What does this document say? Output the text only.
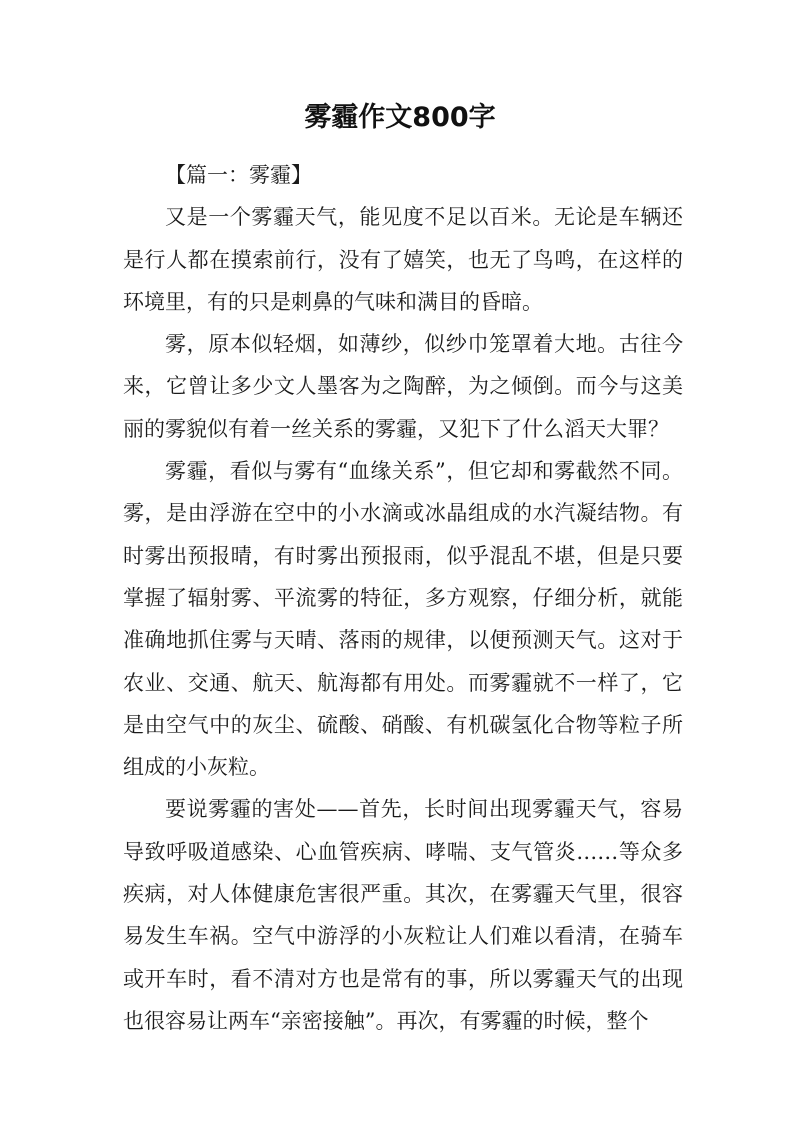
雾霾作文800字

【篇一：雾霾】

又是一个雾霾天气，能见度不足以百米。无论是车辆还是行人都在摸索前行，没有了嬉笑，也无了鸟鸣，在这样的环境里，有的只是刺鼻的气味和满目的昏暗。

雾，原本似轻烟，如薄纱，似纱巾笼罩着大地。古往今来，它曾让多少文人墨客为之陶醉，为之倾倒。而今与这美丽的雾貌似有着一丝关系的雾霾，又犯下了什么滔天大罪？

雾霾，看似与雾有“血缘关系”，但它却和雾截然不同。雾，是由浮游在空中的小水滴或冰晶组成的水汽凝结物。有时雾出预报晴，有时雾出预报雨，似乎混乱不堪，但是只要掌握了辐射雾、平流雾的特征，多方观察，仔细分析，就能准确地抓住雾与天晴、落雨的规律，以便预测天气。这对于农业、交通、航天、航海都有用处。而雾霾就不一样了，它是由空气中的灰尘、硫酸、硝酸、有机碳氢化合物等粒子所组成的小灰粒。

要说雾霾的害处——首先，长时间出现雾霾天气，容易导致呼吸道感染、心血管疾病、哮喘、支气管炎……等众多疾病，对人体健康危害很严重。其次，在雾霾天气里，很容易发生车祸。空气中游浮的小灰粒让人们难以看清，在骑车或开车时，看不清对方也是常有的事，所以雾霾天气的出现也很容易让两车“亲密接触”。再次，有雾霾的时候，整个
